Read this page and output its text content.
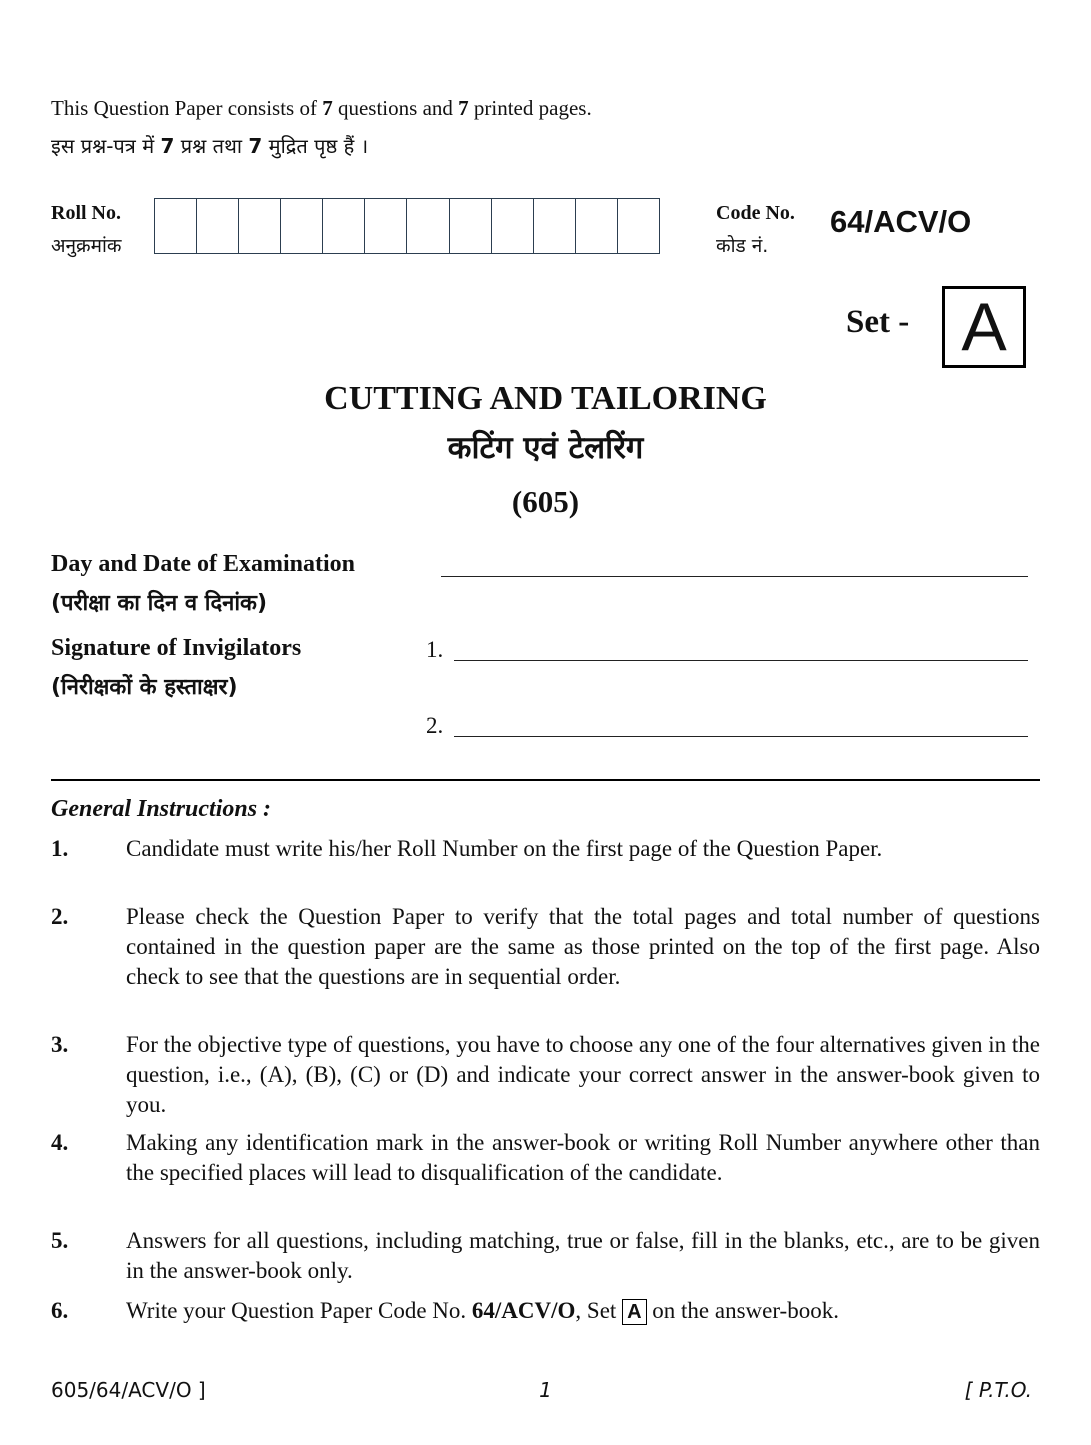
This Question Paper consists of 7 questions and 7 printed pages.
इस प्रश्न-पत्र में 7 प्रश्न तथा 7 मुद्रित पृष्ठ हैं ।
Roll No.
अनुक्रमांक
Code No.
कोड नं.
64/ACV/O
Set - A
CUTTING AND TAILORING
कटिंग एवं टेलरिंग
(605)
Day and Date of Examination
(परीक्षा का दिन व दिनांक)
Signature of Invigilators
(निरीक्षकों के हस्ताक्षर)
1.
2.
General Instructions :
1.	Candidate must write his/her Roll Number on the first page of the Question Paper.
2.	Please check the Question Paper to verify that the total pages and total number of questions contained in the question paper are the same as those printed on the top of the first page. Also check to see that the questions are in sequential order.
3.	For the objective type of questions, you have to choose any one of the four alternatives given in the question, i.e., (A), (B), (C) or (D) and indicate your correct answer in the answer-book given to you.
4.	Making any identification mark in the answer-book or writing Roll Number anywhere other than the specified places will lead to disqualification of the candidate.
5.	Answers for all questions, including matching, true or false, fill in the blanks, etc., are to be given in the answer-book only.
6.	Write your Question Paper Code No. 64/ACV/O, Set A on the answer-book.
605/64/ACV/O ]	1	[ P.T.O.
